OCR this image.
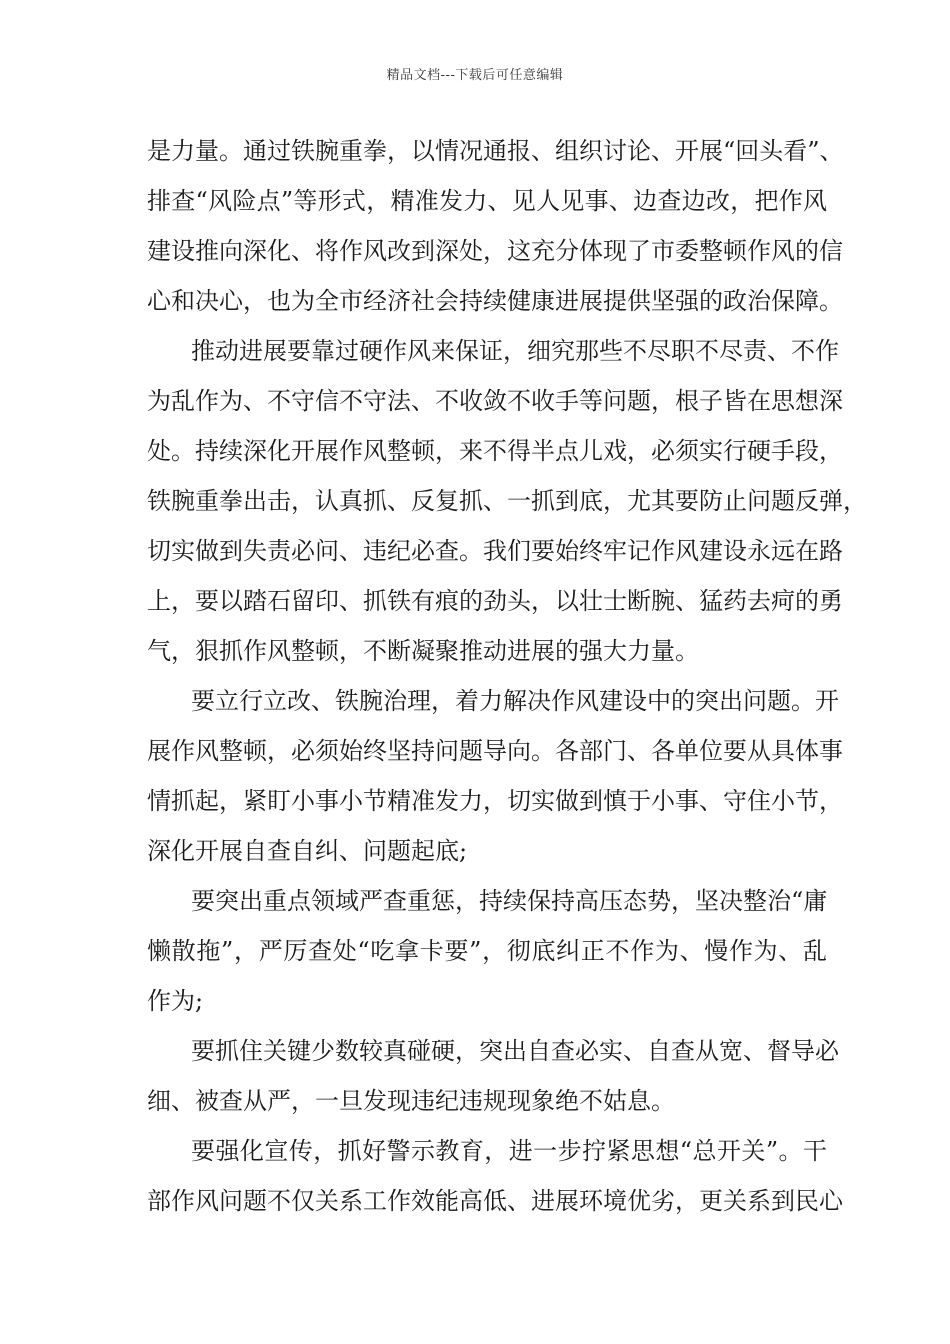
精品文档---下载后可任意编辑
是力量。通过铁腕重拳，以情况通报、组织讨论、开展“回头看”、
排查“风险点”等形式，精准发力、见人见事、边查边改，把作风
建设推向深化、将作风改到深处，这充分体现了市委整顿作风的信
心和决心，也为全市经济社会持续健康进展提供坚强的政治保障。
推动进展要靠过硬作风来保证，细究那些不尽职不尽责、不作
为乱作为、不守信不守法、不收敛不收手等问题，根子皆在思想深
处。持续深化开展作风整顿，来不得半点儿戏，必须实行硬手段，
铁腕重拳出击，认真抓、反复抓、一抓到底，尤其要防止问题反弹，
切实做到失责必问、违纪必查。我们要始终牢记作风建设永远在路
上，要以踏石留印、抓铁有痕的劲头，以壮士断腕、猛药去疴的勇
气，狠抓作风整顿，不断凝聚推动进展的强大力量。
要立行立改、铁腕治理，着力解决作风建设中的突出问题。开
展作风整顿，必须始终坚持问题导向。各部门、各单位要从具体事
情抓起，紧盯小事小节精准发力，切实做到慎于小事、守住小节，
深化开展自查自纠、问题起底;
要突出重点领域严查重惩，持续保持高压态势，坚决整治“庸
懒散拖”，严厉查处“吃拿卡要”，彻底纠正不作为、慢作为、乱
作为;
要抓住关键少数较真碰硬，突出自查必实、自查从宽、督导必
细、被查从严，一旦发现违纪违规现象绝不姑息。
要强化宣传，抓好警示教育，进一步拧紧思想“总开关”。干
部作风问题不仅关系工作效能高低、进展环境优劣，更关系到民心
